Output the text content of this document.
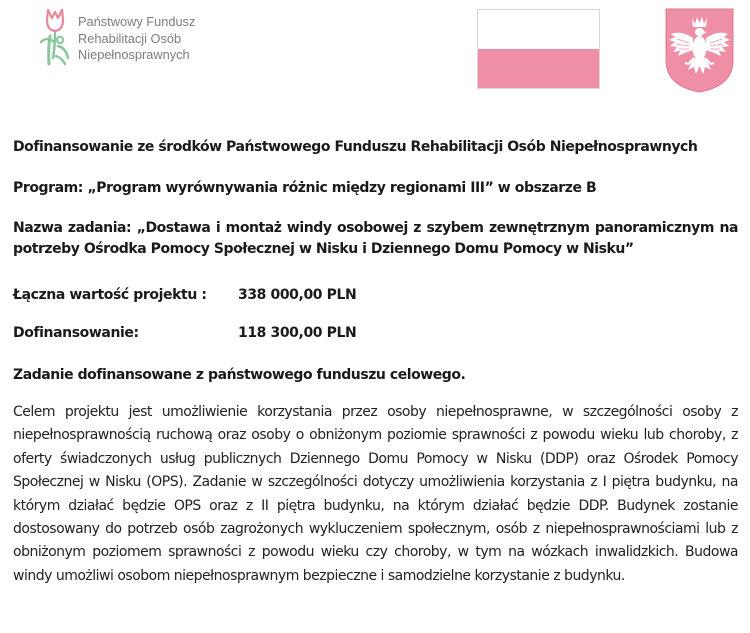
Państwowy Fundusz
Rehabilitacji Osób
Niepełnosprawnych
Dofinansowanie ze środków Państwowego Funduszu Rehabilitacji Osób Niepełnosprawnych
Program: „Program wyrównywania różnic między regionami III” w obszarze B
Nazwa zadania: „Dostawa i montaż windy osobowej z szybem zewnętrznym panoramicznym na potrzeby Ośrodka Pomocy Społecznej w Nisku i Dziennego Domu Pomocy w Nisku”
Łączna wartość projektu : 338 000,00 PLN
Dofinansowanie:	118 300,00 PLN
Zadanie dofinansowane z państwowego funduszu celowego.

Celem projektu jest umożliwienie korzystania przez osoby niepełnosprawne, w szczególności osoby z niepełnosprawnością ruchową oraz osoby o obniżonym poziomie sprawności z powodu wieku lub choroby, z oferty świadczonych usług publicznych Dziennego Domu Pomocy w Nisku (DDP) oraz Ośrodek Pomocy Społecznej w Nisku (OPS). Zadanie w szczególności dotyczy umożliwienia korzystania z I piętra budynku, na którym działać będzie OPS oraz z II piętra budynku, na którym działać będzie DDP. Budynek zostanie dostosowany do potrzeb osób zagrożonych wykluczeniem społecznym, osób z niepełnosprawnościami lub z obniżonym poziomem sprawności z powodu wieku czy choroby, w tym na wózkach inwalidzkich. Budowa windy umożliwi osobom niepełnosprawnym bezpieczne i samodzielne korzystanie z budynku.
